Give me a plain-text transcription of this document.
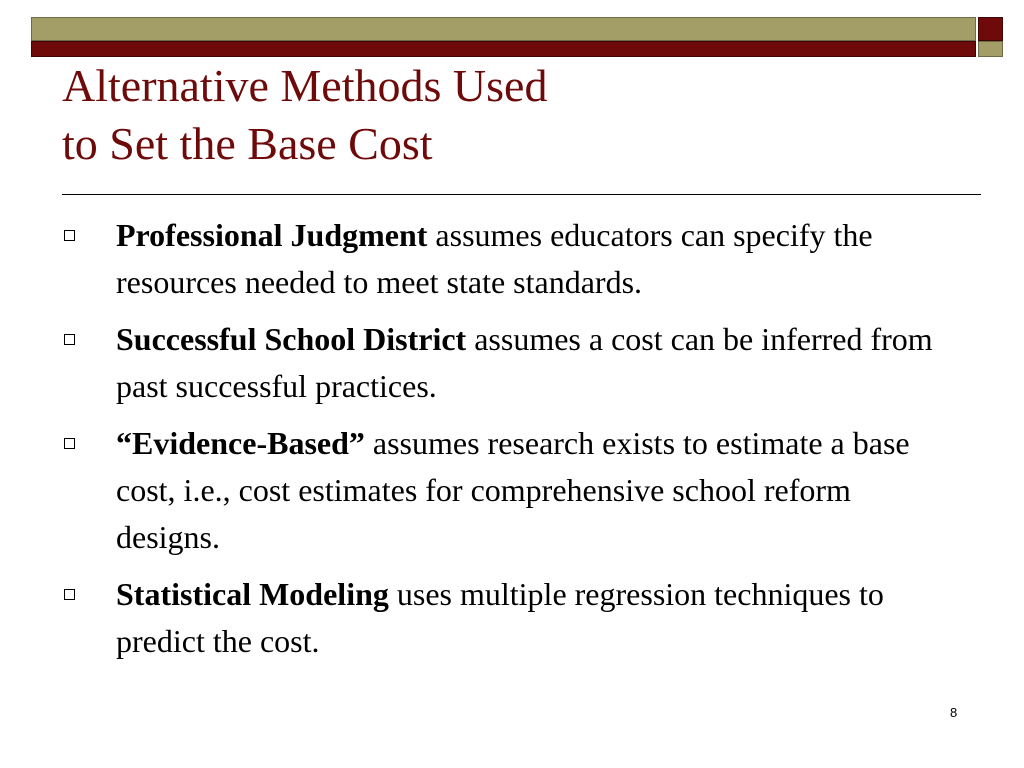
Alternative Methods Used
to Set the Base Cost
Professional Judgment assumes educators can specify the resources needed to meet state standards.
Successful School District assumes a cost can be inferred from past successful practices.
“Evidence-Based” assumes research exists to estimate a base cost, i.e., cost estimates for comprehensive school reform designs.
Statistical Modeling uses multiple regression techniques to predict the cost.
8
